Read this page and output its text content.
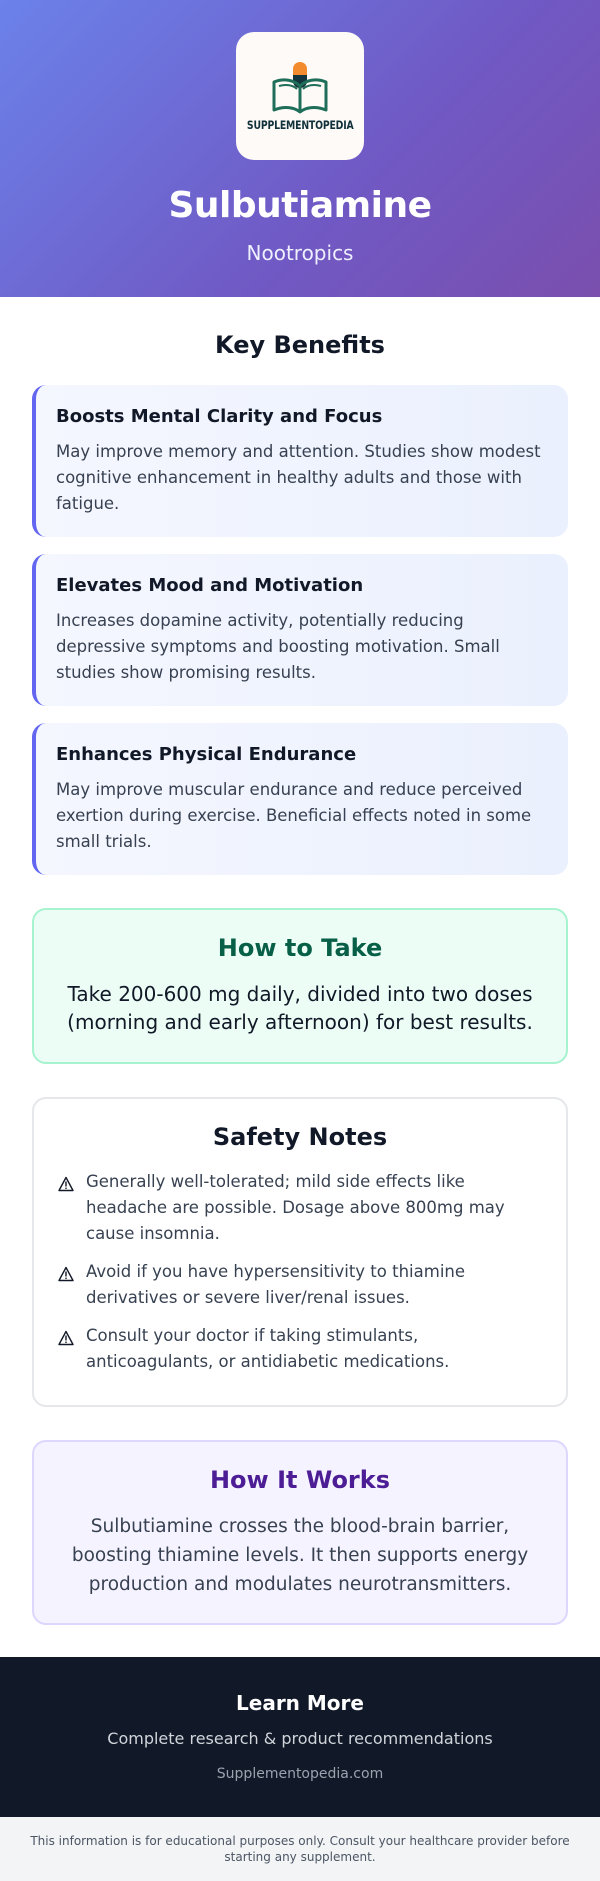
SUPPLEMENTOPEDIA
Sulbutiamine
Nootropics
Key Benefits
Boosts Mental Clarity and Focus

May improve memory and attention. Studies show modest cognitive enhancement in healthy adults and those with fatigue.

Elevates Mood and Motivation

Increases dopamine activity, potentially reducing depressive symptoms and boosting motivation. Small studies show promising results.

Enhances Physical Endurance

May improve muscular endurance and reduce perceived exertion during exercise. Beneficial effects noted in some small trials.

How to Take

Take 200-600 mg daily, divided into two doses (morning and early afternoon) for best results.

Safety Notes
Generally well-tolerated; mild side effects like headache are possible. Dosage above 800mg may cause insomnia.
Avoid if you have hypersensitivity to thiamine derivatives or severe liver/renal issues.
Consult your doctor if taking stimulants, anticoagulants, or antidiabetic medications.
How It Works

Sulbutiamine crosses the blood-brain barrier, boosting thiamine levels. It then supports energy production and modulates neurotransmitters.

Learn More
Complete research & product recommendations
Supplementopedia.com
This information is for educational purposes only. Consult your healthcare provider before starting any supplement.
